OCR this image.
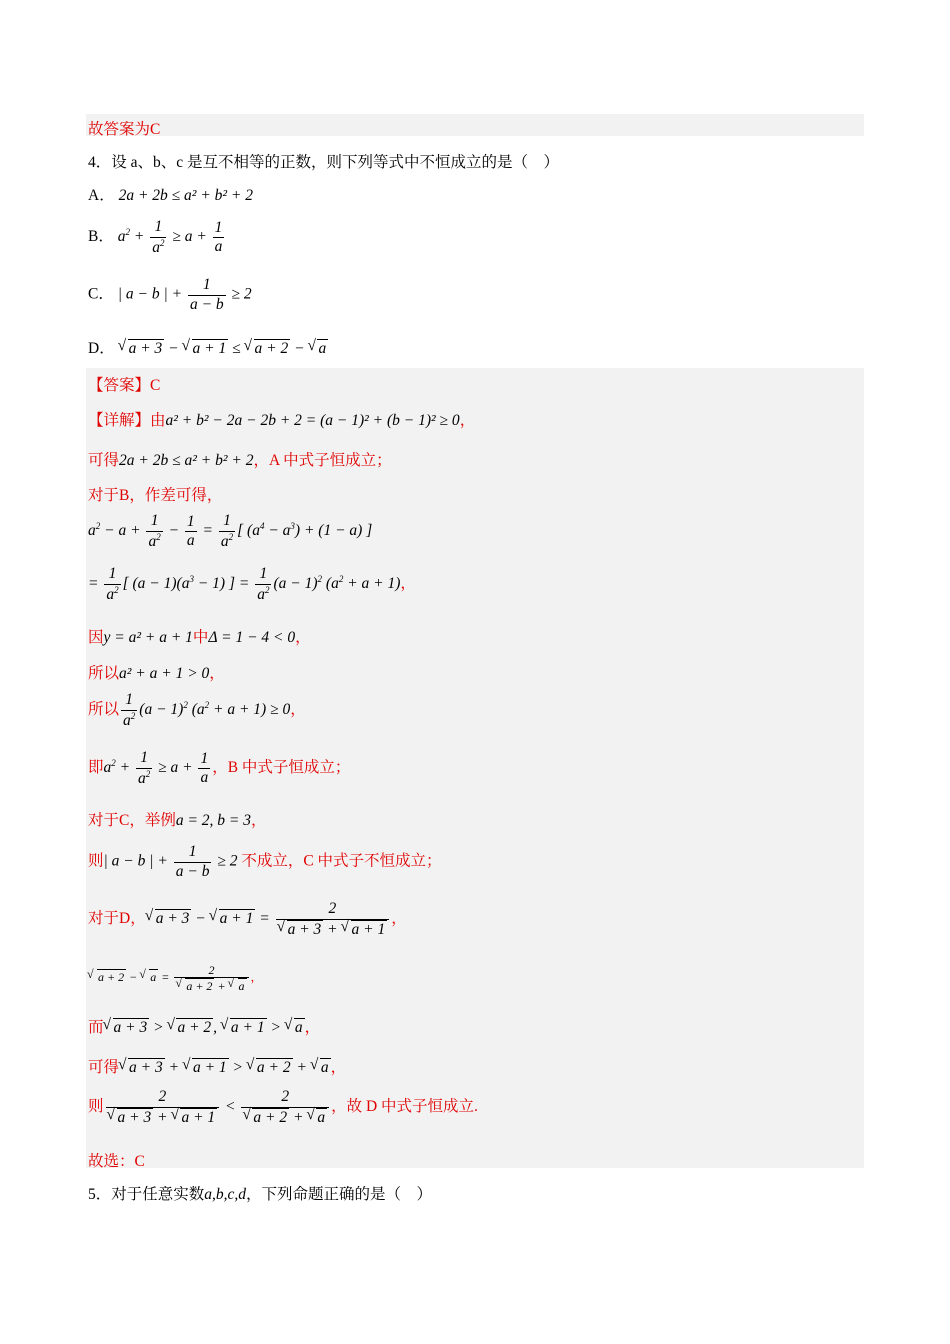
故答案为C
4．设 a、b、c 是互不相等的正数，则下列等式中不恒成立的是（　）
A． 2a + 2b ≤ a² + b² + 2
B． $a^2 + \frac{1}{a^2} \ge a + \frac{1}{a}$
C． | a − b | + $\frac{1}{a - b} \ge 2$
D． √ a + 3 − √ a + 1 ≤ √ a + 2 − √ a
【答案】C
【详解】由a² + b² − 2a − 2b + 2 = (a − 1)² + (b − 1)² ≥ 0，
可得2a + 2b ≤ a² + b² + 2，A 中式子恒成立；
对于B，作差可得，
$a^2 - a + \frac{1}{a^2} - \frac{1}{a} = \frac{1}{a^2}$ [ $(a^4 - a^3) + (1 - a)$ ]
= $\frac{1}{a^2}$ [ $(a - 1)(a^3 - 1)$ ] = $\frac{1}{a^2} (a - 1)^2$ $(a^2 + a + 1)$，
因y = a² + a + 1中Δ = 1 − 4 < 0，
所以a² + a + 1 > 0，
所以 $\frac{1}{a^2} (a - 1)^2$ $(a^2 + a + 1) \ge 0$，
即$a^2 + \frac{1}{a^2} \ge a + \frac{1}{a}$ ，B 中式子恒成立；
对于C，举例a = 2, b = 3，
则| a − b | + $\frac{1}{a - b} \ge 2$ 不成立，C 中式子不恒成立；
对于D， √ a + 3 − √ a + 1 = 2
√ a + 3 + √ a + 1 ，
√ a + 2 − √ a = 2
√ a + 2 + √ a ，
而 √ a + 3 > √ a + 2 , √ a + 1 > √ a ，
可得 √ a + 3 + √ a + 1 > √ a + 2 + √ a ，
则 2
√ a + 3 + √ a + 1 < 2
√ a + 2 + √ a ，故 D 中式子恒成立.
故选：C
5．对于任意实数a,b,c,d，下列命题正确的是（　）
